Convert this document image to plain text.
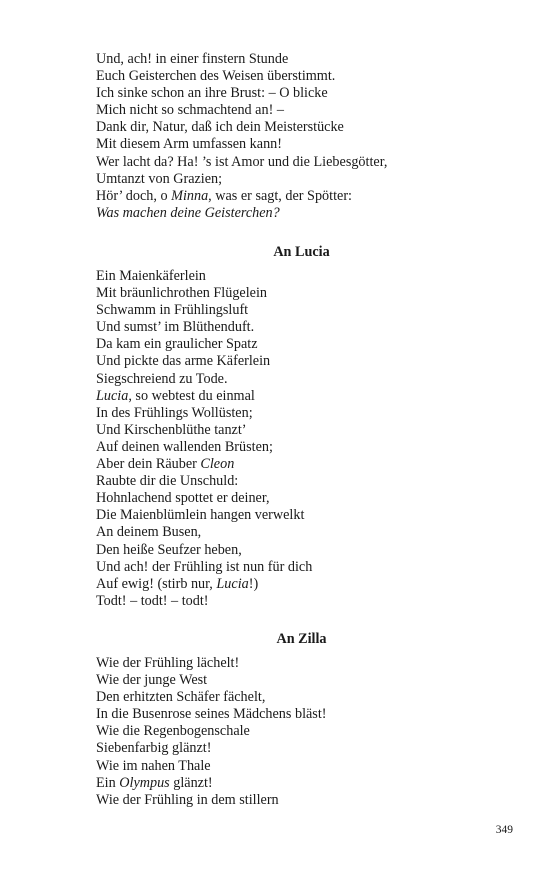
Und, ach! in einer finstern Stunde
Euch Geisterchen des Weisen überstimmt.
Ich sinke schon an ihre Brust: – O blicke
Mich nicht so schmachtend an! –
Dank dir, Natur, daß ich dein Meisterstücke
Mit diesem Arm umfassen kann!
Wer lacht da? Ha! ’s ist Amor und die Liebesgötter,
Umtanzt von Grazien;
Hör’ doch, o Minna, was er sagt, der Spötter:
Was machen deine Geisterchen?
An Lucia
Ein Maienkäferlein
Mit bräunlichrothen Flügelein
Schwamm in Frühlingsluft
Und sumst’ im Blüthenduft.
Da kam ein graulicher Spatz
Und pickte das arme Käferlein
Siegschreiend zu Tode.
Lucia, so webtest du einmal
In des Frühlings Wollüsten;
Und Kirschenblüthe tanzt’
Auf deinen wallenden Brüsten;
Aber dein Räuber Cleon
Raubte dir die Unschuld:
Hohnlachend spottet er deiner,
Die Maienblümlein hangen verwelkt
An deinem Busen,
Den heiße Seufzer heben,
Und ach! der Frühling ist nun für dich
Auf ewig! (stirb nur, Lucia!)
Todt! – todt! – todt!
An Zilla
Wie der Frühling lächelt!
Wie der junge West
Den erhitzten Schäfer fächelt,
In die Busenrose seines Mädchens bläst!
Wie die Regenbogenschale
Siebenfarbig glänzt!
Wie im nahen Thale
Ein Olympus glänzt!
Wie der Frühling in dem stillern
349
